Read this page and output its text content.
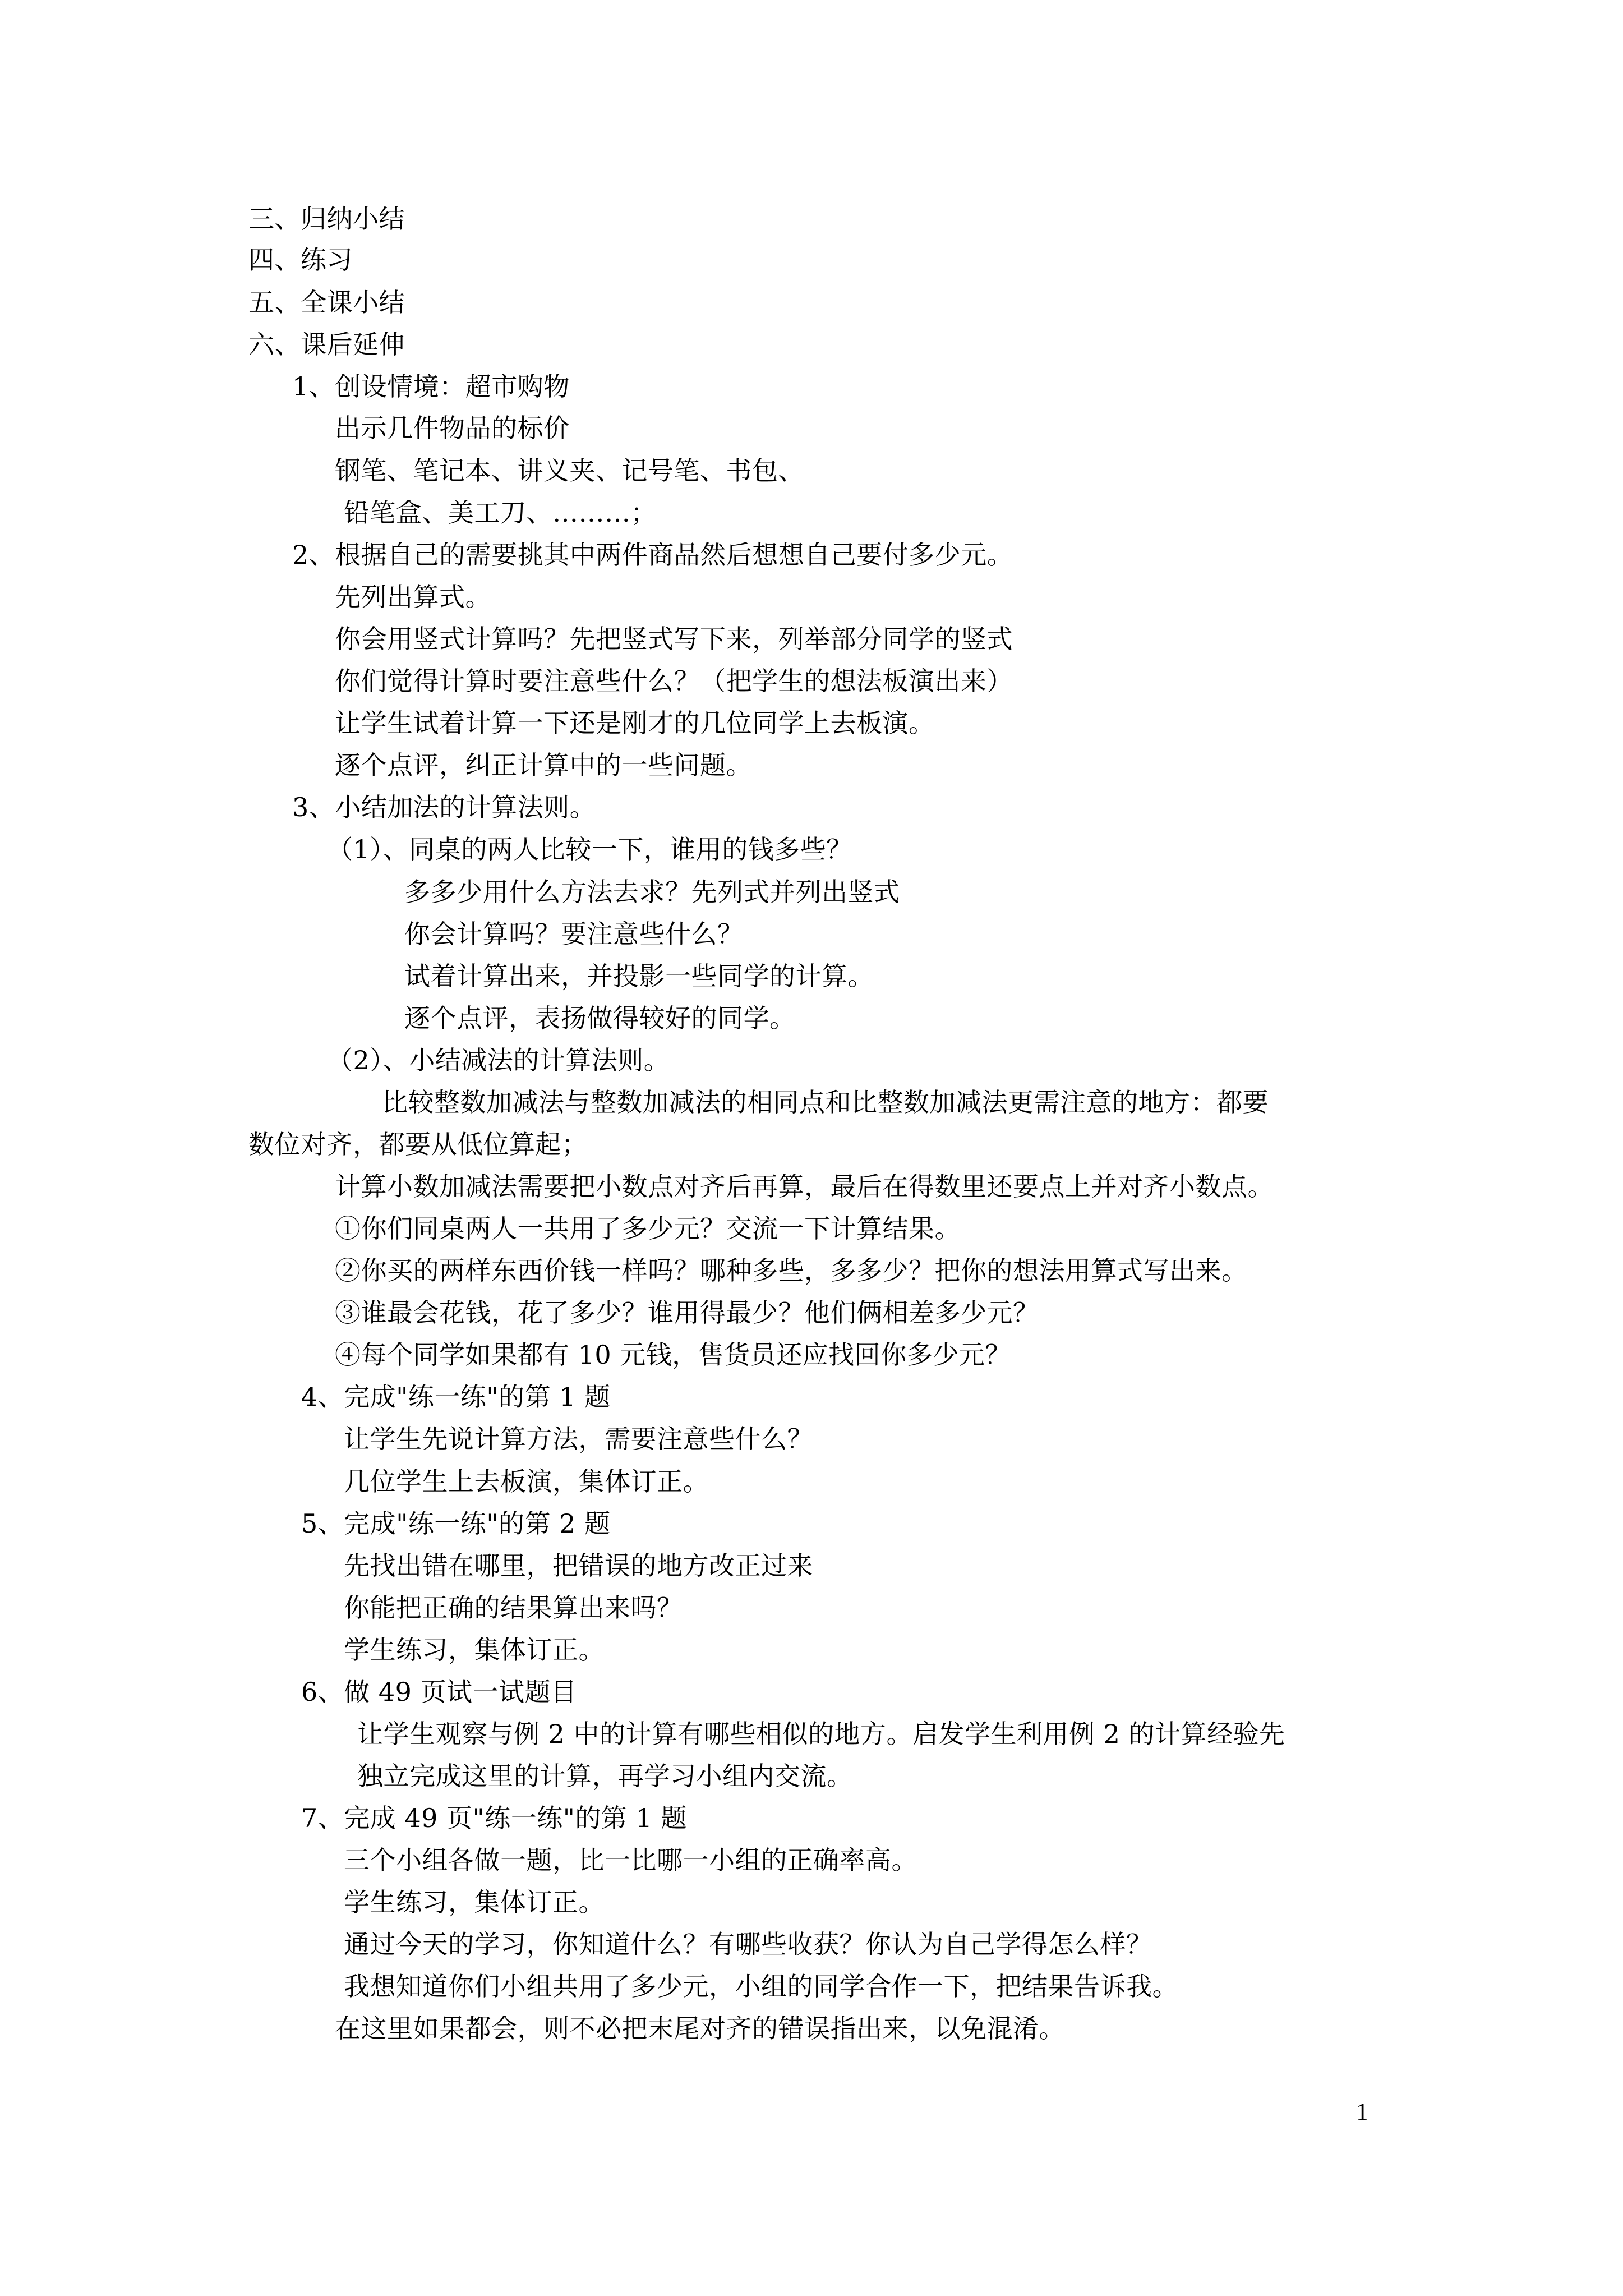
三、归纳小结
四、练习
五、全课小结
六、课后延伸
1、创设情境：超市购物
出示几件物品的标价
钢笔、笔记本、讲义夹、记号笔、书包、
铅笔盒、美工刀、………；
2、根据自己的需要挑其中两件商品然后想想自己要付多少元。
先列出算式。
你会用竖式计算吗？先把竖式写下来，列举部分同学的竖式
你们觉得计算时要注意些什么？（把学生的想法板演出来）
让学生试着计算一下还是刚才的几位同学上去板演。
逐个点评，纠正计算中的一些问题。
3、小结加法的计算法则。
（1）、同桌的两人比较一下，谁用的钱多些？
多多少用什么方法去求？先列式并列出竖式
你会计算吗？要注意些什么？
试着计算出来，并投影一些同学的计算。
逐个点评，表扬做得较好的同学。
（2）、小结减法的计算法则。
比较整数加减法与整数加减法的相同点和比整数加减法更需注意的地方：都要
数位对齐，都要从低位算起；
计算小数加减法需要把小数点对齐后再算，最后在得数里还要点上并对齐小数点。
①你们同桌两人一共用了多少元？交流一下计算结果。
②你买的两样东西价钱一样吗？哪种多些，多多少？把你的想法用算式写出来。
③谁最会花钱，花了多少？谁用得最少？他们俩相差多少元？
④每个同学如果都有 10 元钱，售货员还应找回你多少元？
4、完成"练一练"的第 1 题
让学生先说计算方法，需要注意些什么？
几位学生上去板演，集体订正。
5、完成"练一练"的第 2 题
先找出错在哪里，把错误的地方改正过来
你能把正确的结果算出来吗？
学生练习，集体订正。
6、做 49 页试一试题目
让学生观察与例 2 中的计算有哪些相似的地方。启发学生利用例 2 的计算经验先
独立完成这里的计算，再学习小组内交流。
7、完成 49 页"练一练"的第 1 题
三个小组各做一题，比一比哪一小组的正确率高。
学生练习，集体订正。
通过今天的学习，你知道什么？有哪些收获？你认为自己学得怎么样？
我想知道你们小组共用了多少元，小组的同学合作一下，把结果告诉我。
在这里如果都会，则不必把末尾对齐的错误指出来，以免混淆。
1
